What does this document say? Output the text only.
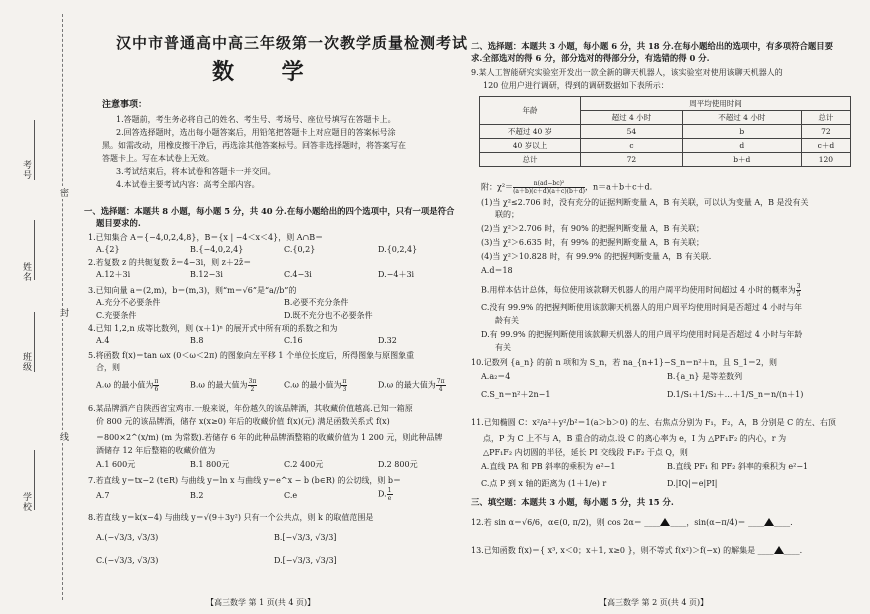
考号
姓名
班级
学校
密
封
线
汉中市普通高中高三年级第一次教学质量检测考试
数 学
注意事项：
1.答题前，考生务必将自己的姓名、考生号、考场号、座位号填写在答题卡上。
2.回答选择题时，选出每小题答案后，用铅笔把答题卡上对应题目的答案标号涂
黑。如需改动，用橡皮擦干净后，再选涂其他答案标号。回答非选择题时，将答案写在
答题卡上。写在本试卷上无效。
3.考试结束后，将本试卷和答题卡一并交回。
4.本试卷主要考试内容：高考全部内容。
一、选择题：本题共 8 小题，每小题 5 分，共 40 分.在每小题给出的四个选项中，只有一项是符合
题目要求的.
1.已知集合 A＝{−4,0,2,4,8}，B＝{x | −4＜x＜4}，则 A∩B＝
A.{2}	B.{−4,0,2,4}	C.{0,2}	D.{0,2,4}
2.若复数 z 的共轭复数 z̄＝4−3i，则 z＋2z̄＝
A.12＋3i	B.12−3i	C.4−3i	D.−4＋3i
3.已知向量 a＝(2,m)，b＝(m,3)，则“m＝√6”是“a//b”的
A.充分不必要条件	B.必要不充分条件
C.充要条件	D.既不充分也不必要条件
4.已知 1,2,n 成等比数列，则 (x＋1)ⁿ 的展开式中所有项的系数之和为
A.4	B.8	C.16	D.32
5.将函数 f(x)＝tan ωx (0＜ω＜2π) 的图象向左平移 1 个单位长度后，所得图象与原图象重
合，则
A.ω 的最小值为 $\frac{\pi}{6}$	B.ω 的最大值为 $\frac{3\pi}{2}$	C.ω 的最小值为 $\frac{\pi}{3}$	D.ω 的最大值为 $\frac{7\pi}{4}$
6.某品牌酒产自陕西省宝鸡市.一般来说，年份越久的该品牌酒，其收藏价值越高.已知一箱原
价 800 元的该品牌酒，储存 x(x≥0) 年后的收藏价值 f(x)(元) 满足函数关系式 f(x)
＝800×2^(x/m) (m 为常数).若储存 6 年的此种品牌酒整箱的收藏价值为 1 200 元，则此种品牌
酒储存 12 年后整箱的收藏价值为
A.1 600元	B.1 800元	C.2 400元	D.2 800元
7.若直线 y＝tx−2 (t∈R) 与曲线 y＝ln x 与曲线 y＝e^x − b (b∈R) 的公切线，则 b＝
A.7	B.2	C.e	D. $\frac{1}{e}$
8.若直线 y＝k(x−4) 与曲线 y＝√(9＋3y²) 只有一个公共点，则 k 的取值范围是
A.(−√3/3, √3/3)	B.[−√3/3, √3/3]
C.(−√3/3, √3/3)	D.[−√3/3, √3/3]
【高三数学 第 1 页(共 4 页)】
二、选择题：本题共 3 小题，每小题 6 分，共 18 分.在每小题给出的选项中，有多项符合题目要
求.全部选对的得 6 分，部分选对的得部分分，有选错的得 0 分.
9.某人工智能研究实验室开发出一款全新的聊天机器人，该实验室对使用该聊天机器人的
120 位用户进行调研，得到的调研数据如下表所示：
年龄	周平均使用时间		
	超过 4 小时	不超过 4 小时	总计
不超过 40 岁	54	b	72
40 岁以上	c	d	c＋d
总计	72	b＋d	120
附：$\chi^2= \frac{\text{n(ad−bc)²}}{(a+b)(c+d)(a+c)(b+d)}$ ，n＝a＋b＋c＋d.
(1)当 χ²≤2.706 时，没有充分的证据判断变量 A，B 有关联，可以认为变量 A，B 是没有关
联的；
(2)当 χ²＞2.706 时，有 90% 的把握判断变量 A，B 有关联；
(3)当 χ²＞6.635 时，有 99% 的把握判断变量 A，B 有关联；
(4)当 χ²＞10.828 时，有 99.9% 的把握判断变量 A，B 有关联.
A.d＝18
B.用样本估计总体，每位使用该款聊天机器人的用户周平均使用时间超过 4 小时的概率为 $\frac{3}{5}$
C.没有 99.9% 的把握判断使用该款聊天机器人的用户周平均使用时间是否超过 4 小时与年
龄有关
D.有 99.9% 的把握判断使用该款聊天机器人的用户周平均使用时间是否超过 4 小时与年龄
有关
10.记数列 {a_n} 的前 n 项和为 S_n，若 na_{n+1}−S_n＝n²＋n，且 S_1＝2，则
A.a₂＝4	B.{a_n} 是等差数列
C.S_n＝n²＋2n−1	D.1/S₁＋1/S₂＋…＋1/S_n＝n/(n＋1)
11.已知椭圆 C：x²/a²＋y²/b²＝1(a＞b＞0) 的左、右焦点分别为 F₁，F₂，A，B 分别是 C 的左、右顶
点，P 为 C 上不与 A，B 重合的动点.设 C 的离心率为 e，I 为 △PF₁F₂ 的内心，r 为
△PF₁F₂ 内切圆的半径，延长 PI 交线段 F₁F₂ 于点 Q，则
A.直线 PA 和 PB 斜率的乘积为 e²−1	B.直线 PF₁ 和 PF₂ 斜率的乘积为 e²−1
C.点 P 到 x 轴的距离为 (1＋1/e) r	D.|IQ|＝e|PI|
三、填空题：本题共 3 小题，每小题 5 分，共 15 分.
12.若 sin α＝√6/6，α∈(0, π/2)，则 cos 2α＝ ____ ____，sin(α−π/4)＝ ____ ____.
13.已知函数 f(x)＝{ x³, x＜0；x＋1, x≥0 }，则不等式 f(x²)＞f(−x) 的解集是 ____ ____.
【高三数学 第 2 页(共 4 页)】
